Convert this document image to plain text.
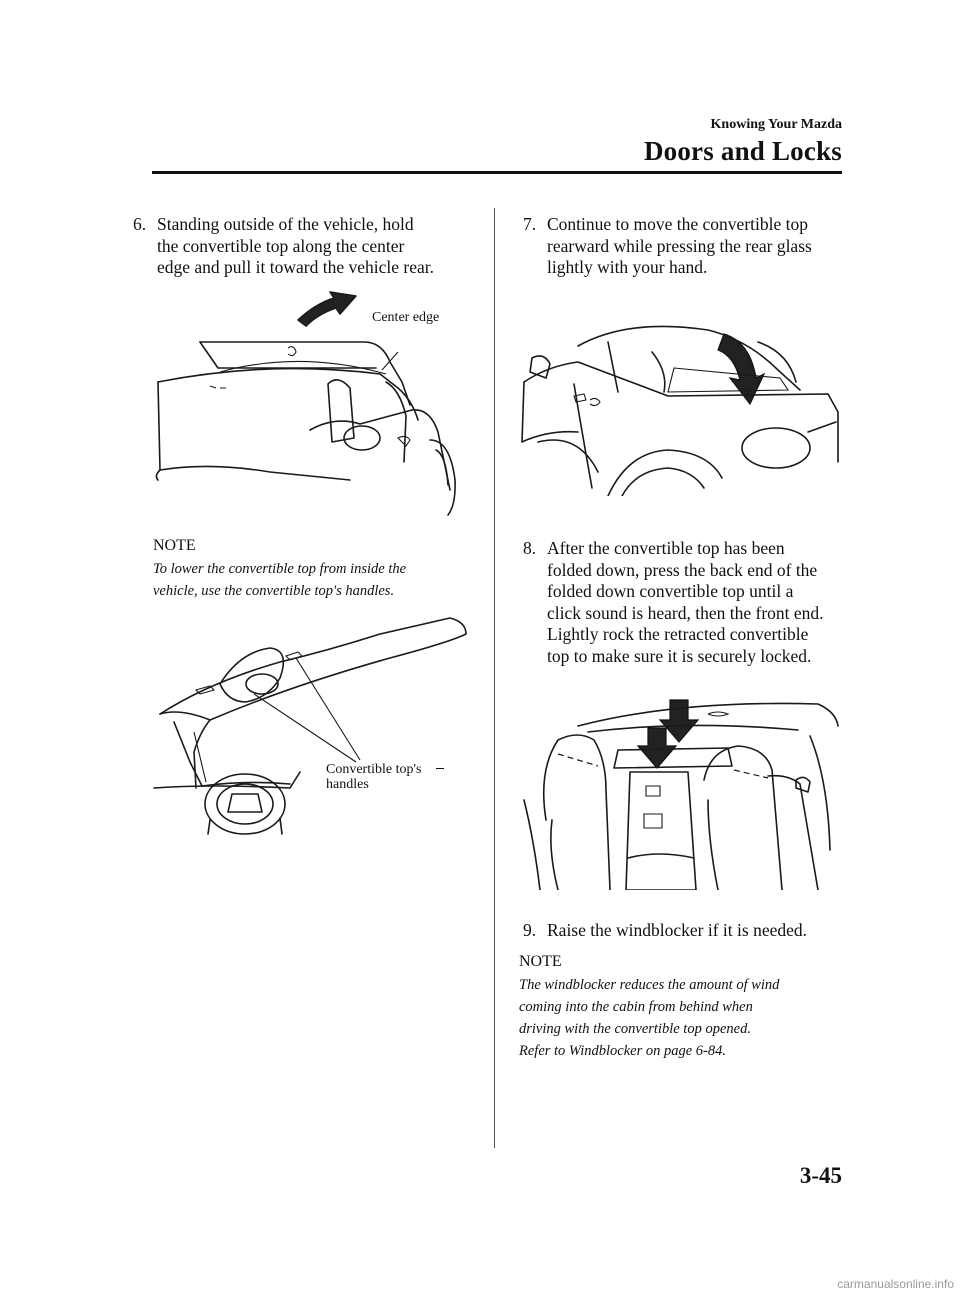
Knowing Your Mazda
Doors and Locks
6. Standing outside of the vehicle, hold
the convertible top along the center
edge and pull it toward the vehicle rear.
Center edge
NOTE
To lower the convertible top from inside the
vehicle, use the convertible top's handles.
Convertible top's
handles
7. Continue to move the convertible top
rearward while pressing the rear glass
lightly with your hand.
8. After the convertible top has been
folded down, press the back end of the
folded down convertible top until a
click sound is heard, then the front end.
Lightly rock the retracted convertible
top to make sure it is securely locked.
9. Raise the windblocker if it is needed.
NOTE
The windblocker reduces the amount of wind
coming into the cabin from behind when
driving with the convertible top opened.
Refer to Windblocker on page 6-84.
3-45
carmanualsonline.info
